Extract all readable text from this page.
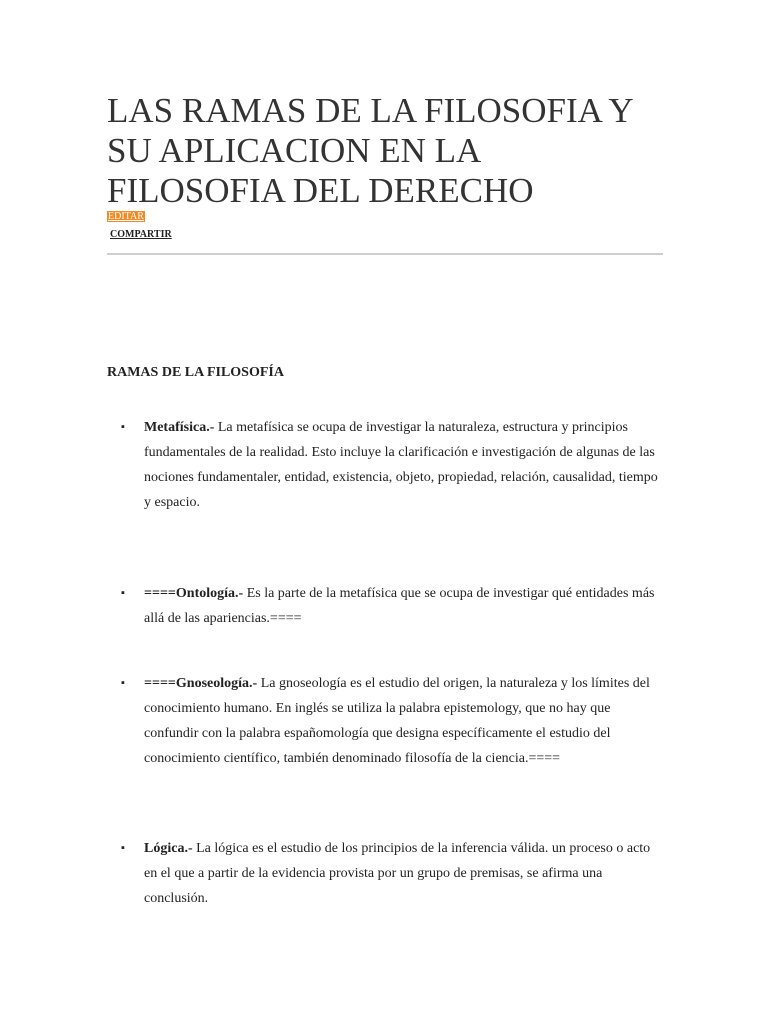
LAS RAMAS DE LA FILOSOFIA Y SU APLICACION EN LA FILOSOFIA DEL DERECHO
EDITAR
COMPARTIR
RAMAS DE LA FILOSOFÍA
▪ Metafísica.- La metafísica se ocupa de investigar la naturaleza, estructura y principios fundamentales de la realidad. Esto incluye la clarificación e investigación de algunas de las nociones fundamentaler, entidad, existencia, objeto, propiedad, relación, causalidad, tiempo y espacio.

▪ ====Ontología.- Es la parte de la metafísica que se ocupa de investigar qué entidades más allá de las apariencias.====

▪ ====Gnoseología.- La gnoseología es el estudio del origen, la naturaleza y los límites del conocimiento humano. En inglés se utiliza la palabra epistemology, que no hay que confundir con la palabra españomología que designa específicamente el estudio del conocimiento científico, también denominado filosofía de la ciencia.====

▪ Lógica.- La lógica es el estudio de los principios de la inferencia válida. un proceso o acto en el que a partir de la evidencia provista por un grupo de premisas, se afirma una conclusión.
